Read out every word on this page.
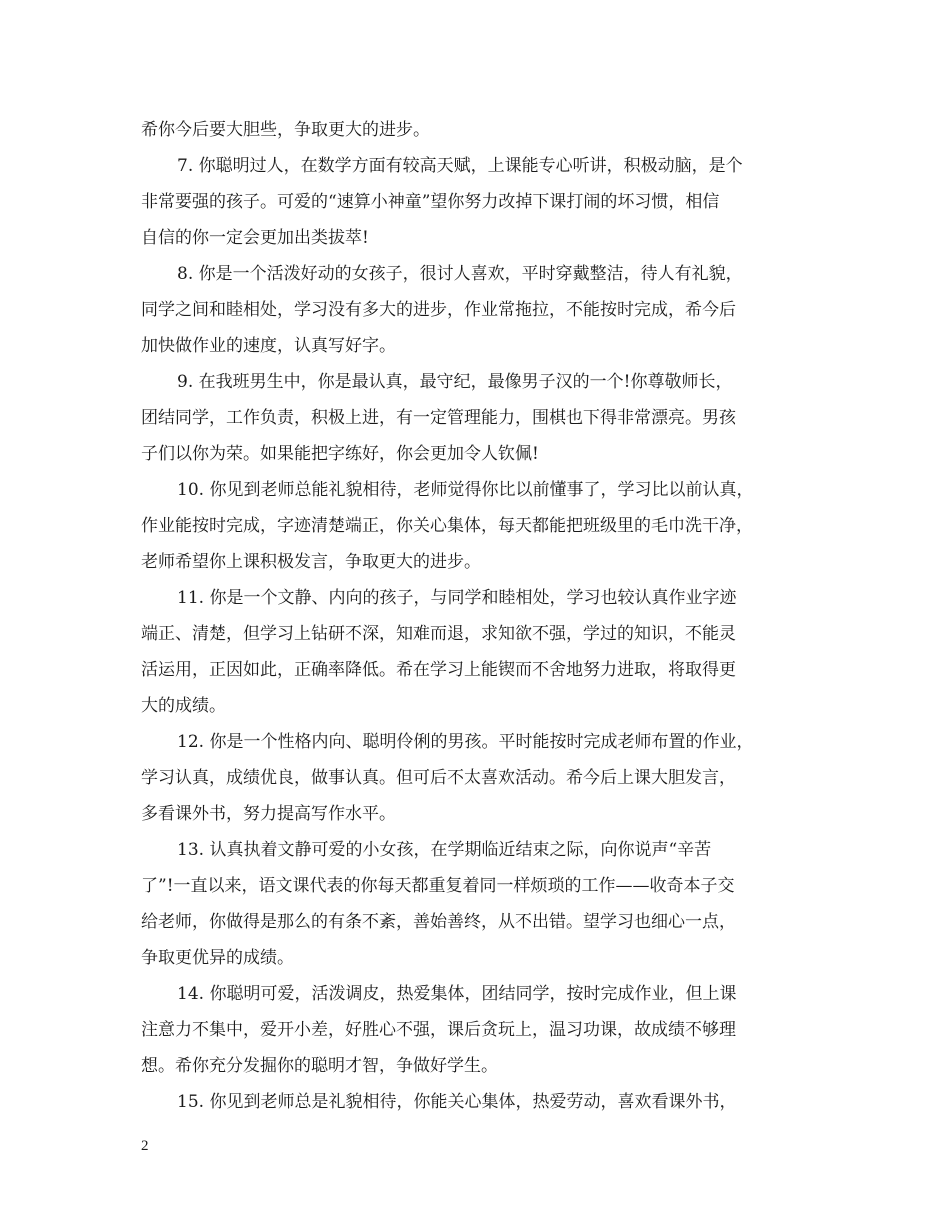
希你今后要大胆些，争取更大的进步。
7. 你聪明过人，在数学方面有较高天赋，上课能专心听讲，积极动脑，是个
非常要强的孩子。可爱的“速算小神童”望你努力改掉下课打闹的坏习惯，相信
自信的你一定会更加出类拔萃!
8. 你是一个活泼好动的女孩子，很讨人喜欢，平时穿戴整洁，待人有礼貌，
同学之间和睦相处，学习没有多大的进步，作业常拖拉，不能按时完成，希今后
加快做作业的速度，认真写好字。
9. 在我班男生中，你是最认真，最守纪，最像男子汉的一个!你尊敬师长，
团结同学，工作负责，积极上进，有一定管理能力，围棋也下得非常漂亮。男孩
子们以你为荣。如果能把字练好，你会更加令人钦佩!
10. 你见到老师总能礼貌相待，老师觉得你比以前懂事了，学习比以前认真，
作业能按时完成，字迹清楚端正，你关心集体，每天都能把班级里的毛巾洗干净，
老师希望你上课积极发言，争取更大的进步。
11. 你是一个文静、内向的孩子，与同学和睦相处，学习也较认真作业字迹
端正、清楚，但学习上钻研不深，知难而退，求知欲不强，学过的知识，不能灵
活运用，正因如此，正确率降低。希在学习上能锲而不舍地努力进取，将取得更
大的成绩。
12. 你是一个性格内向、聪明伶俐的男孩。平时能按时完成老师布置的作业，
学习认真，成绩优良，做事认真。但可后不太喜欢活动。希今后上课大胆发言，
多看课外书，努力提高写作水平。
13. 认真执着文静可爱的小女孩，在学期临近结束之际，向你说声“辛苦
了”!一直以来，语文课代表的你每天都重复着同一样烦琐的工作——收奇本子交
给老师，你做得是那么的有条不紊，善始善终，从不出错。望学习也细心一点，
争取更优异的成绩。
14. 你聪明可爱，活泼调皮，热爱集体，团结同学，按时完成作业，但上课
注意力不集中，爱开小差，好胜心不强，课后贪玩上，温习功课，故成绩不够理
想。希你充分发掘你的聪明才智，争做好学生。
15. 你见到老师总是礼貌相待，你能关心集体，热爱劳动，喜欢看课外书，
2
